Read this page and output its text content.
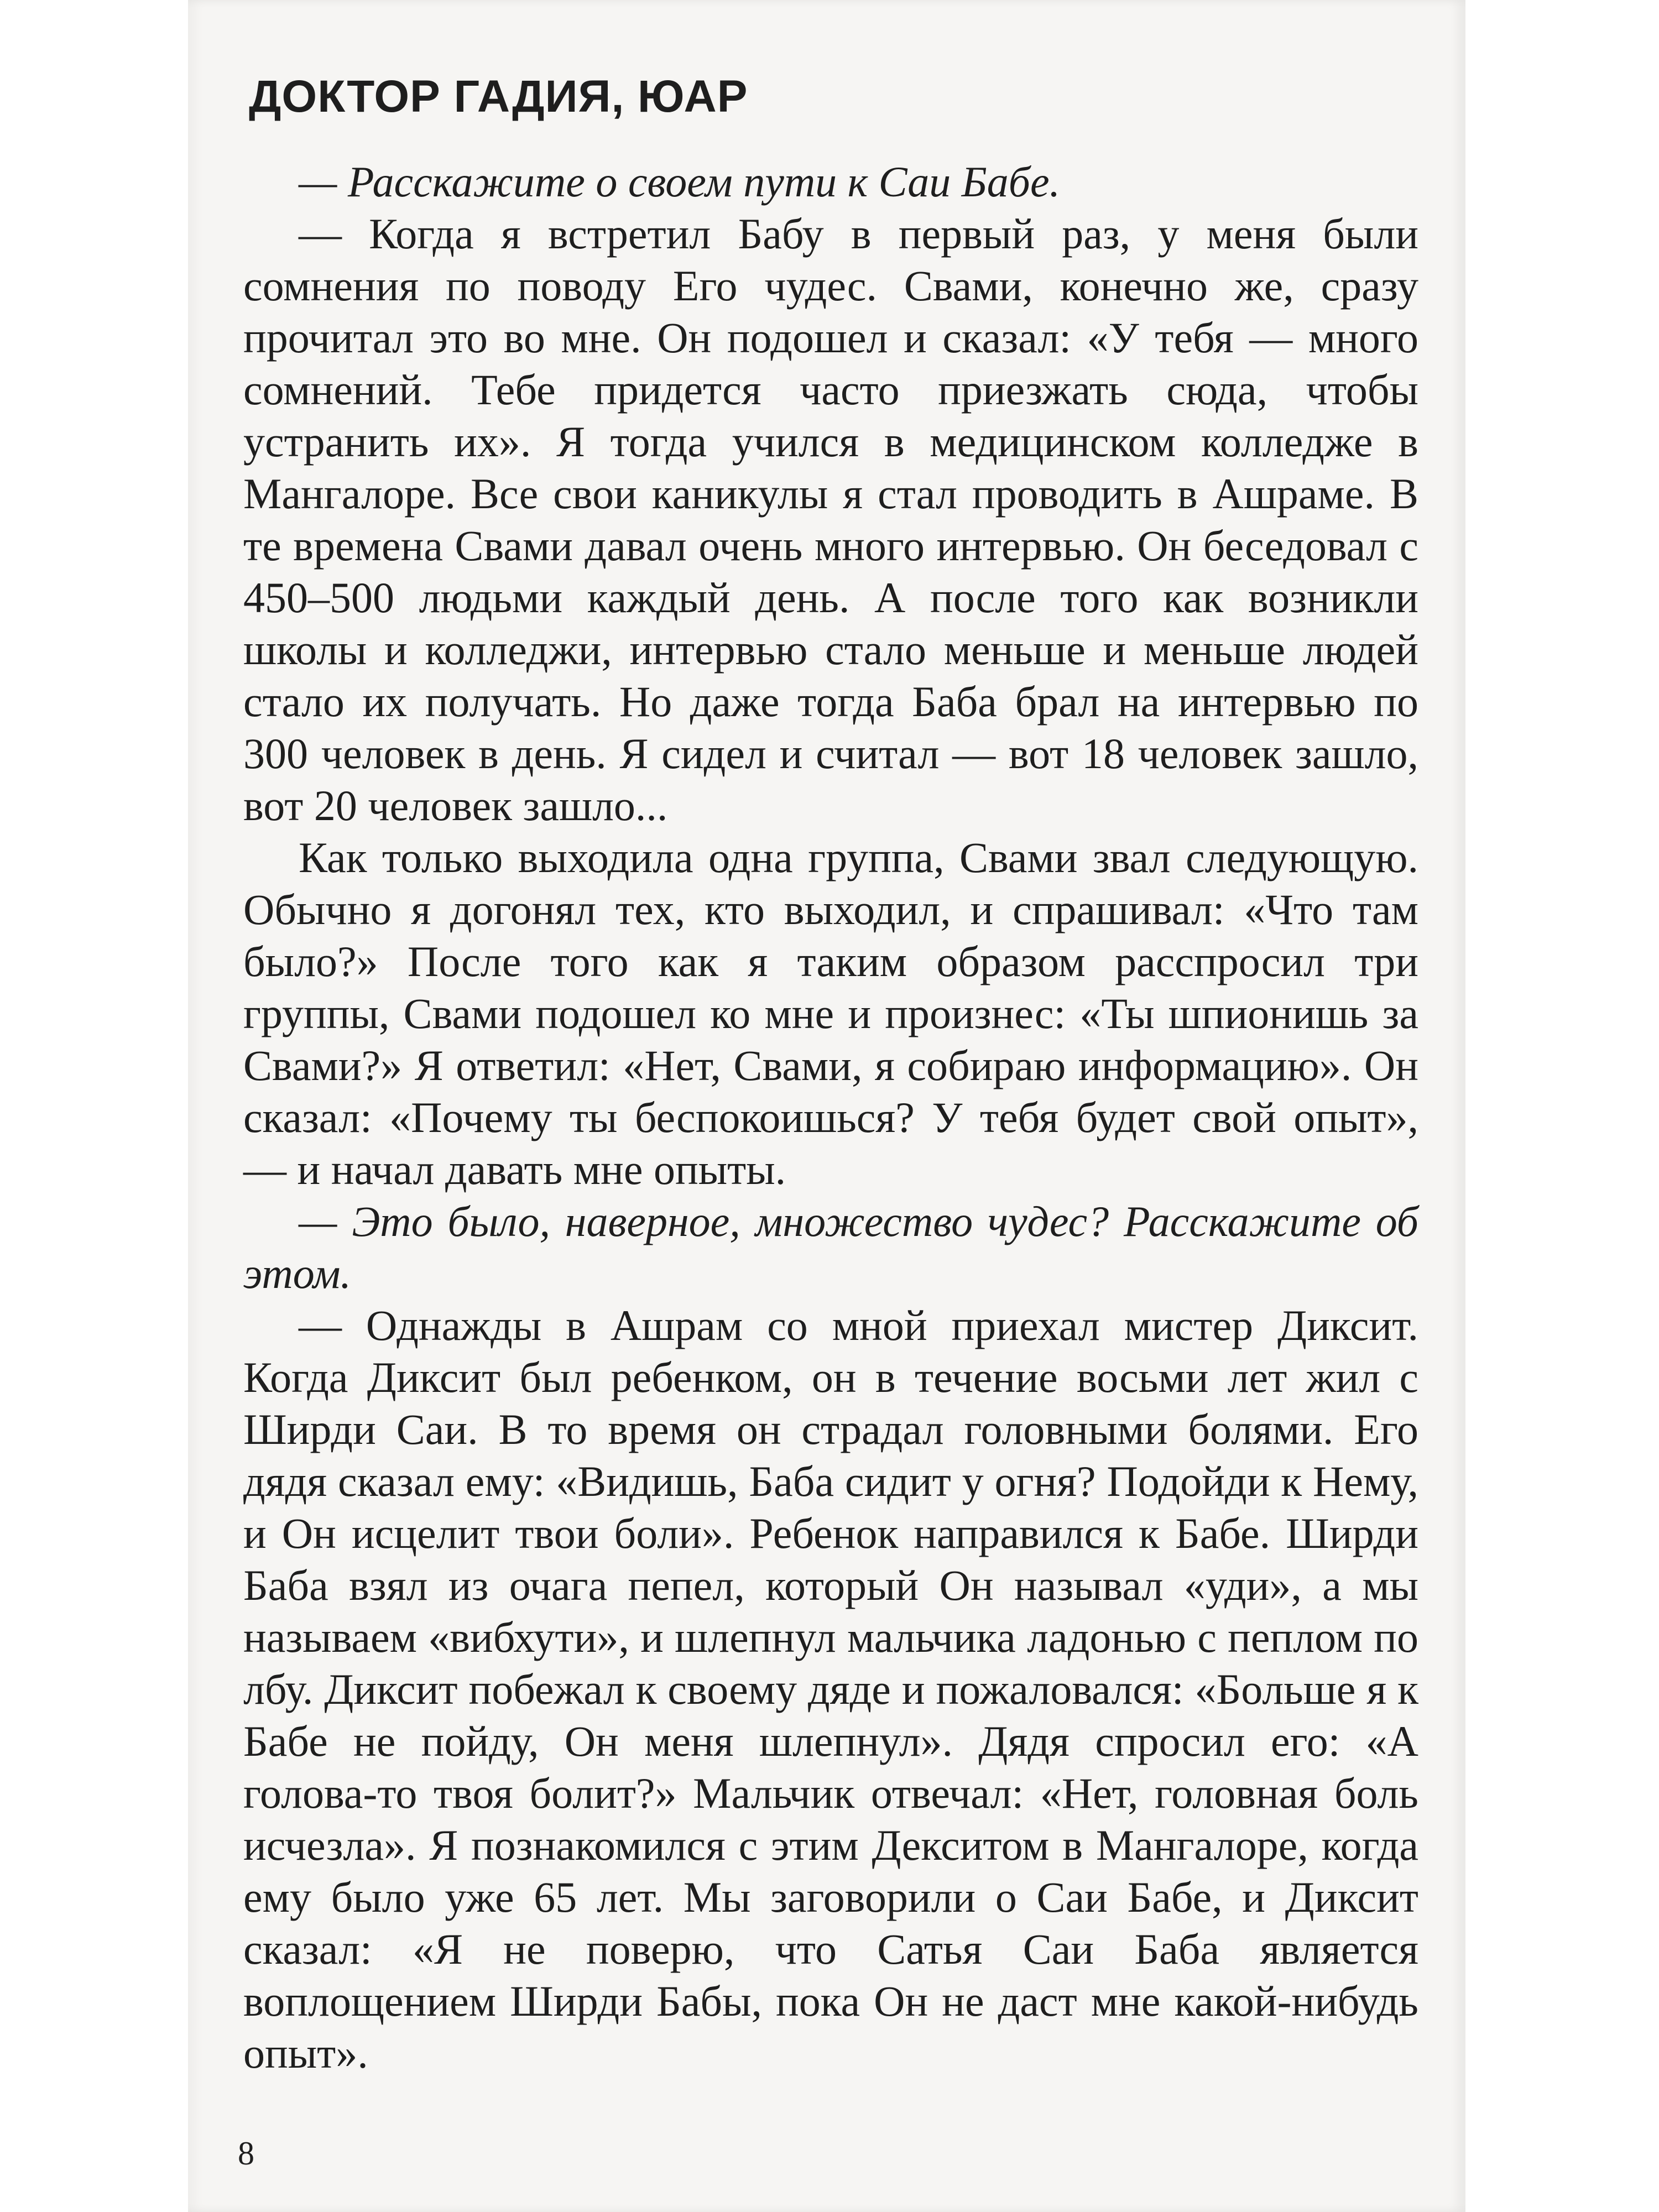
ДОКТОР ГАДИЯ, ЮАР

— Расскажите о своем пути к Саи Бабе.

— Когда я встретил Бабу в первый раз, у меня были сомнения по поводу Его чудес. Свами, конечно же, сразу прочитал это во мне. Он подошел и сказал: «У тебя — много сомнений. Тебе придется часто приезжать сюда, чтобы устранить их». Я тогда учился в медицинском колледже в Мангалоре. Все свои каникулы я стал проводить в Ашраме. В те времена Свами давал очень много интервью. Он беседовал с 450–500 людьми каждый день. А после того как возникли школы и колледжи, интервью стало меньше и меньше людей стало их получать. Но даже тогда Баба брал на интервью по 300 человек в день. Я сидел и считал — вот 18 человек зашло, вот 20 человек зашло...

Как только выходила одна группа, Свами звал следующую. Обычно я догонял тех, кто выходил, и спрашивал: «Что там было?» После того как я таким образом расспросил три группы, Свами подошел ко мне и произнес: «Ты шпионишь за Свами?» Я ответил: «Нет, Свами, я собираю информацию». Он сказал: «Почему ты беспокоишься? У тебя будет свой опыт», — и начал давать мне опыты.

— Это было, наверное, множество чудес? Расскажите об этом.

— Однажды в Ашрам со мной приехал мистер Диксит. Когда Диксит был ребенком, он в течение восьми лет жил с Ширди Саи. В то время он страдал головными болями. Его дядя сказал ему: «Видишь, Баба сидит у огня? Подойди к Нему, и Он исцелит твои боли». Ребенок направился к Бабе. Ширди Баба взял из очага пепел, который Он называл «уди», а мы называем «вибхути», и шлепнул мальчика ладонью с пеплом по лбу. Диксит побежал к своему дяде и пожаловался: «Больше я к Бабе не пойду, Он меня шлепнул». Дядя спросил его: «А голова-то твоя болит?» Мальчик отвечал: «Нет, головная боль исчезла». Я познакомился с этим Декситом в Мангалоре, когда ему было уже 65 лет. Мы заговорили о Саи Бабе, и Диксит сказал: «Я не поверю, что Сатья Саи Баба является воплощением Ширди Бабы, пока Он не даст мне какой-нибудь опыт».

8
